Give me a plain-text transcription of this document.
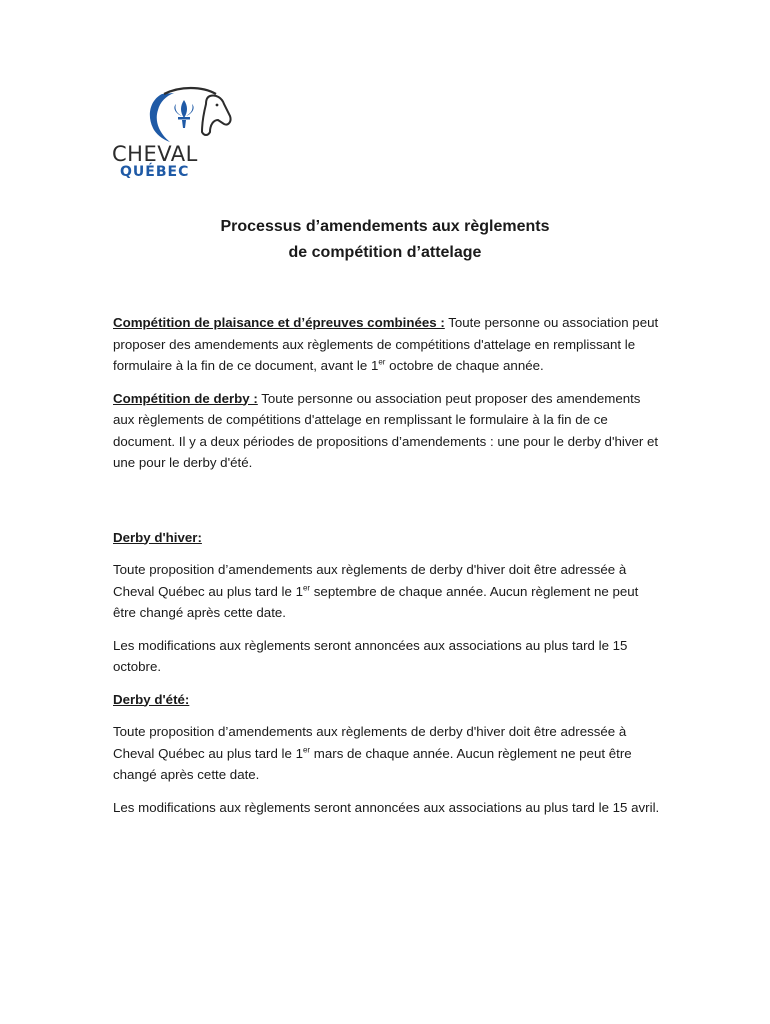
CHEVAL
QUÉBEC
Processus d’amendements aux règlements
de compétition d’attelage

Compétition de plaisance et d’épreuves combinées : Toute personne ou association peut proposer des amendements aux règlements de compétitions d'attelage en remplissant le formulaire à la fin de ce document, avant le 1er octobre de chaque année.

Compétition de derby : Toute personne ou association peut proposer des amendements aux règlements de compétitions d'attelage en remplissant le formulaire à la fin de ce document. Il y a deux périodes de propositions d’amendements : une pour le derby d'hiver et une pour le derby d'été.

Derby d'hiver:

Toute proposition d’amendements aux règlements de derby d'hiver doit être adressée à Cheval Québec au plus tard le 1er septembre de chaque année. Aucun règlement ne peut être changé après cette date.

Les modifications aux règlements seront annoncées aux associations au plus tard le 15 octobre.

Derby d'été:

Toute proposition d’amendements aux règlements de derby d'hiver doit être adressée à Cheval Québec au plus tard le 1er mars de chaque année. Aucun règlement ne peut être changé après cette date.

Les modifications aux règlements seront annoncées aux associations au plus tard le 15 avril.
